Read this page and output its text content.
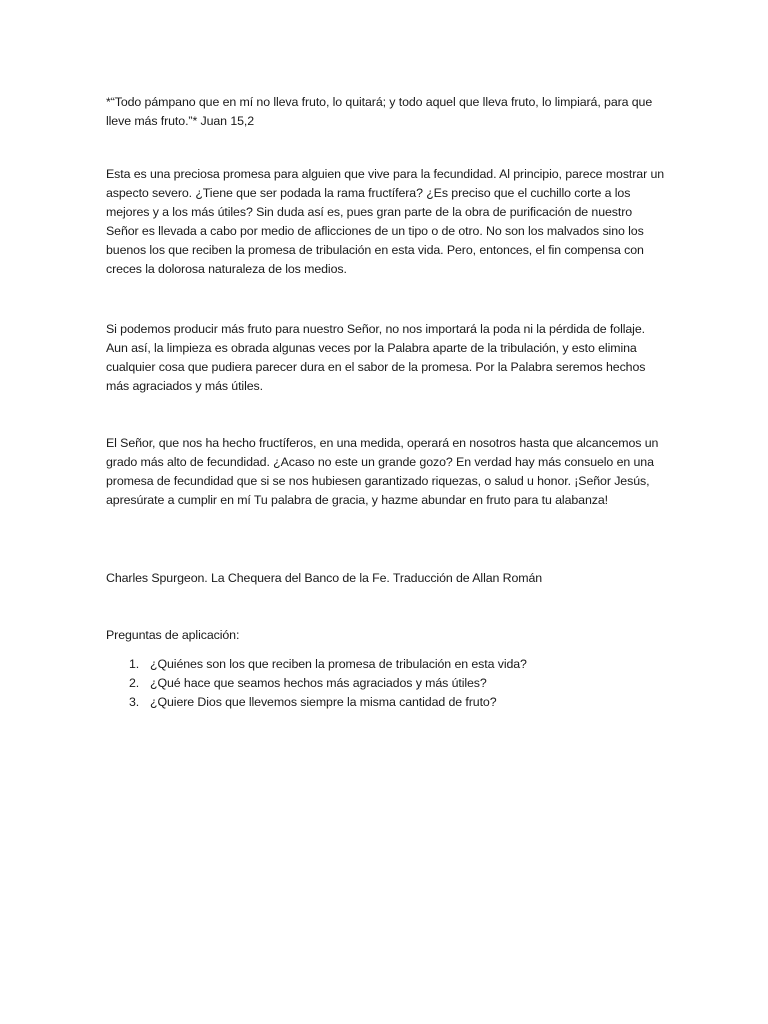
*“Todo pámpano que en mí no lleva fruto, lo quitará; y todo aquel que lleva fruto, lo limpiará, para que lleve más fruto.”* Juan 15,2

Esta es una preciosa promesa para alguien que vive para la fecundidad. Al principio, parece mostrar un aspecto severo. ¿Tiene que ser podada la rama fructífera? ¿Es preciso que el cuchillo corte a los mejores y a los más útiles? Sin duda así es, pues gran parte de la obra de purificación de nuestro Señor es llevada a cabo por medio de aflicciones de un tipo o de otro. No son los malvados sino los buenos los que reciben la promesa de tribulación en esta vida. Pero, entonces, el fin compensa con creces la dolorosa naturaleza de los medios.

Si podemos producir más fruto para nuestro Señor, no nos importará la poda ni la pérdida de follaje. Aun así, la limpieza es obrada algunas veces por la Palabra aparte de la tribulación, y esto elimina cualquier cosa que pudiera parecer dura en el sabor de la promesa. Por la Palabra seremos hechos más agraciados y más útiles.

El Señor, que nos ha hecho fructíferos, en una medida, operará en nosotros hasta que alcancemos un grado más alto de fecundidad. ¿Acaso no este un grande gozo? En verdad hay más consuelo en una promesa de fecundidad que si se nos hubiesen garantizado riquezas, o salud u honor. ¡Señor Jesús, apresúrate a cumplir en mí Tu palabra de gracia, y hazme abundar en fruto para tu alabanza!

Charles Spurgeon. La Chequera del Banco de la Fe. Traducción de Allan Román

Preguntas de aplicación:

1. ¿Quiénes son los que reciben la promesa de tribulación en esta vida?
2. ¿Qué hace que seamos hechos más agraciados y más útiles?
3. ¿Quiere Dios que llevemos siempre la misma cantidad de fruto?
